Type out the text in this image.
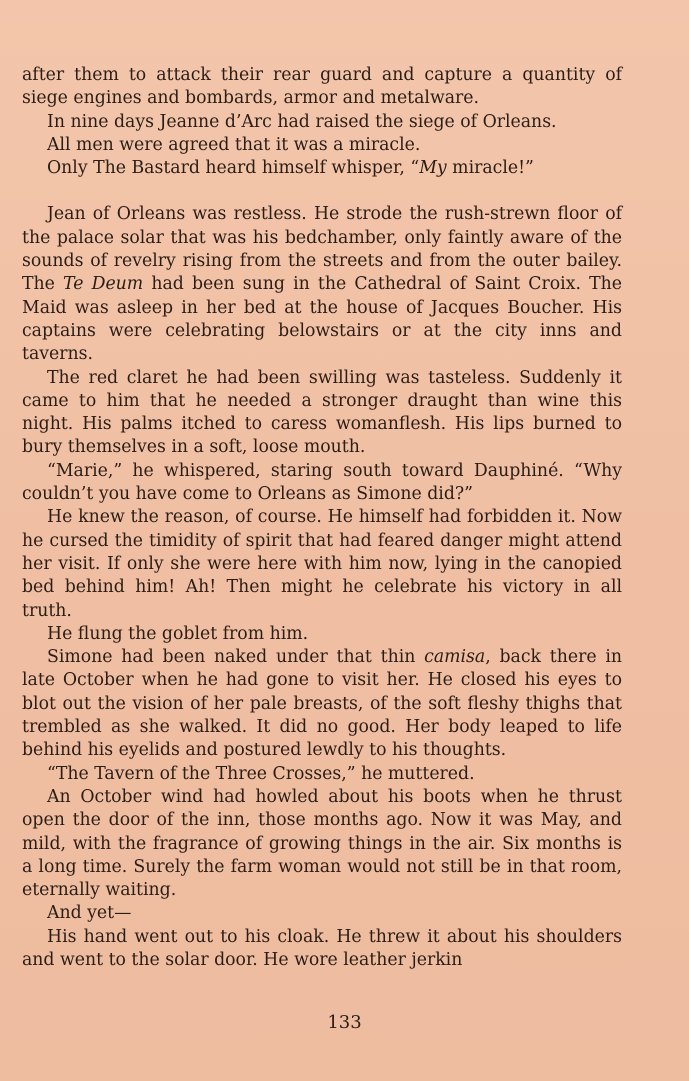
after them to attack their rear guard and capture a quantity of siege engines and bombards, armor and metalware.

In nine days Jeanne d’Arc had raised the siege of Orleans.

All men were agreed that it was a miracle.

Only The Bastard heard himself whisper, “My miracle!”

Jean of Orleans was restless. He strode the rush-strewn floor of the palace solar that was his bedchamber, only faintly aware of the sounds of revelry rising from the streets and from the outer bailey. The Te Deum had been sung in the Cathedral of Saint Croix. The Maid was asleep in her bed at the house of Jacques Boucher. His captains were celebrating belowstairs or at the city inns and taverns.

The red claret he had been swilling was tasteless. Suddenly it came to him that he needed a stronger draught than wine this night. His palms itched to caress womanflesh. His lips burned to bury themselves in a soft, loose mouth.

“Marie,” he whispered, staring south toward Dauphiné. “Why couldn’t you have come to Orleans as Simone did?”

He knew the reason, of course. He himself had forbidden it. Now he cursed the timidity of spirit that had feared danger might attend her visit. If only she were here with him now, lying in the canopied bed behind him! Ah! Then might he celebrate his victory in all truth.

He flung the goblet from him.

Simone had been naked under that thin camisa, back there in late October when he had gone to visit her. He closed his eyes to blot out the vision of her pale breasts, of the soft fleshy thighs that trembled as she walked. It did no good. Her body leaped to life behind his eyelids and postured lewdly to his thoughts.

“The Tavern of the Three Crosses,” he muttered.

An October wind had howled about his boots when he thrust open the door of the inn, those months ago. Now it was May, and mild, with the fragrance of growing things in the air. Six months is a long time. Surely the farm woman would not still be in that room, eternally waiting.

And yet—

His hand went out to his cloak. He threw it about his shoulders and went to the solar door. He wore leather jerkin

133
